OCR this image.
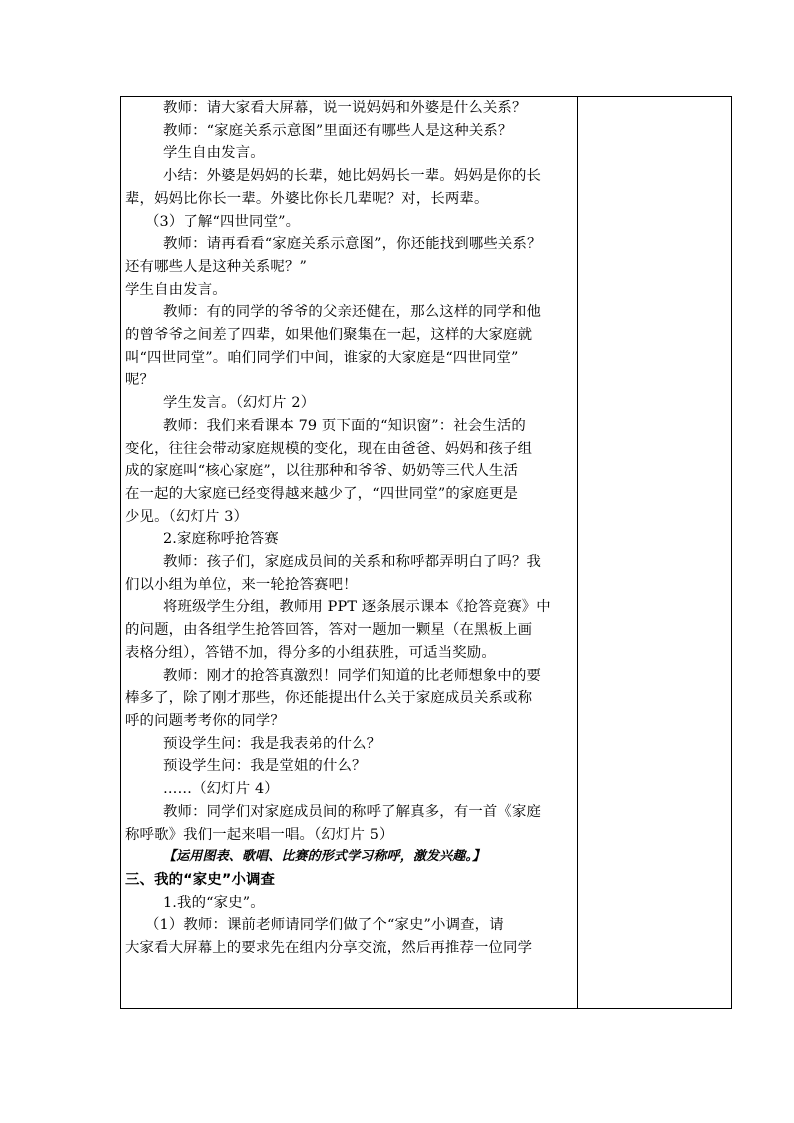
教师：请大家看大屏幕，说一说妈妈和外婆是什么关系？
教师：“家庭关系示意图”里面还有哪些人是这种关系？
学生自由发言。
小结：外婆是妈妈的长辈，她比妈妈长一辈。妈妈是你的长
辈，妈妈比你长一辈。外婆比你长几辈呢？对，长两辈。
（3）了解“四世同堂”。
教师：请再看看“家庭关系示意图”，你还能找到哪些关系？
还有哪些人是这种关系呢？”
学生自由发言。
教师：有的同学的爷爷的父亲还健在，那么这样的同学和他
的曾爷爷之间差了四辈，如果他们聚集在一起，这样的大家庭就
叫“四世同堂”。咱们同学们中间，谁家的大家庭是“四世同堂”
呢？
学生发言。（幻灯片 2）
教师：我们来看课本 79 页下面的“知识窗”：社会生活的
变化，往往会带动家庭规模的变化，现在由爸爸、妈妈和孩子组
成的家庭叫“核心家庭”，以往那种和爷爷、奶奶等三代人生活
在一起的大家庭已经变得越来越少了，“四世同堂”的家庭更是
少见。（幻灯片 3）
2.家庭称呼抢答赛
教师：孩子们，家庭成员间的关系和称呼都弄明白了吗？我
们以小组为单位，来一轮抢答赛吧！
将班级学生分组，教师用 PPT 逐条展示课本《抢答竞赛》中
的问题，由各组学生抢答回答，答对一题加一颗星（在黑板上画
表格分组），答错不加，得分多的小组获胜，可适当奖励。
教师：刚才的抢答真激烈！同学们知道的比老师想象中的要
棒多了，除了刚才那些，你还能提出什么关于家庭成员关系或称
呼的问题考考你的同学？
预设学生问：我是我表弟的什么？
预设学生问：我是堂姐的什么？
……（幻灯片 4）
教师：同学们对家庭成员间的称呼了解真多，有一首《家庭
称呼歌》我们一起来唱一唱。（幻灯片 5）
【运用图表、歌唱、比赛的形式学习称呼，激发兴趣。】
三、我的“家史”小调查
1.我的“家史”。
（1）教师：课前老师请同学们做了个“家史”小调查，请
大家看大屏幕上的要求先在组内分享交流，然后再推荐一位同学
